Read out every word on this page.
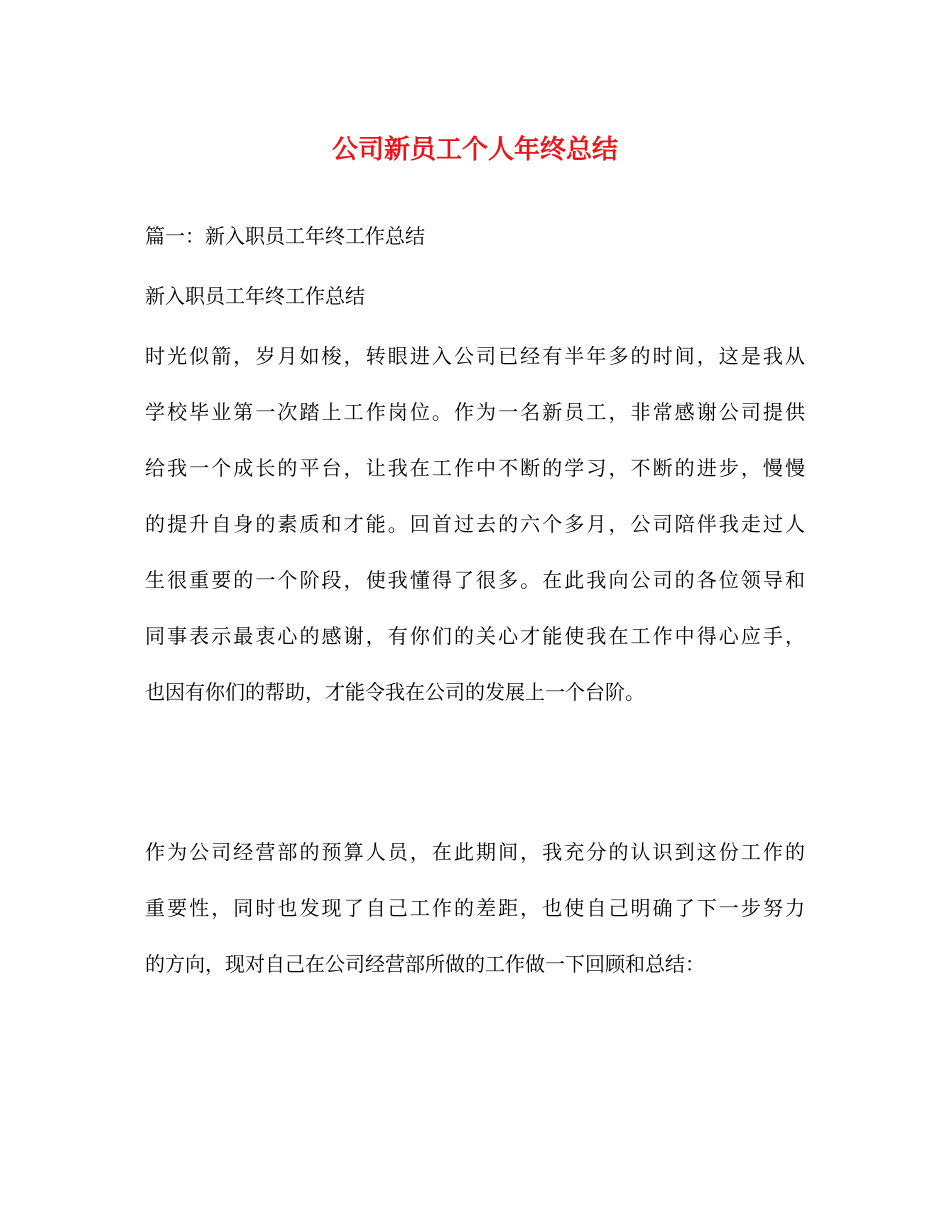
公司新员工个人年终总结

篇一：新入职员工年终工作总结

新入职员工年终工作总结

时光似箭，岁月如梭，转眼进入公司已经有半年多的时间，这是我从
学校毕业第一次踏上工作岗位。作为一名新员工，非常感谢公司提供
给我一个成长的平台，让我在工作中不断的学习，不断的进步，慢慢
的提升自身的素质和才能。回首过去的六个多月，公司陪伴我走过人
生很重要的一个阶段，使我懂得了很多。在此我向公司的各位领导和
同事表示最衷心的感谢，有你们的关心才能使我在工作中得心应手，
也因有你们的帮助，才能令我在公司的发展上一个台阶。
作为公司经营部的预算人员，在此期间，我充分的认识到这份工作的
重要性，同时也发现了自己工作的差距，也使自己明确了下一步努力
的方向，现对自己在公司经营部所做的工作做一下回顾和总结：
